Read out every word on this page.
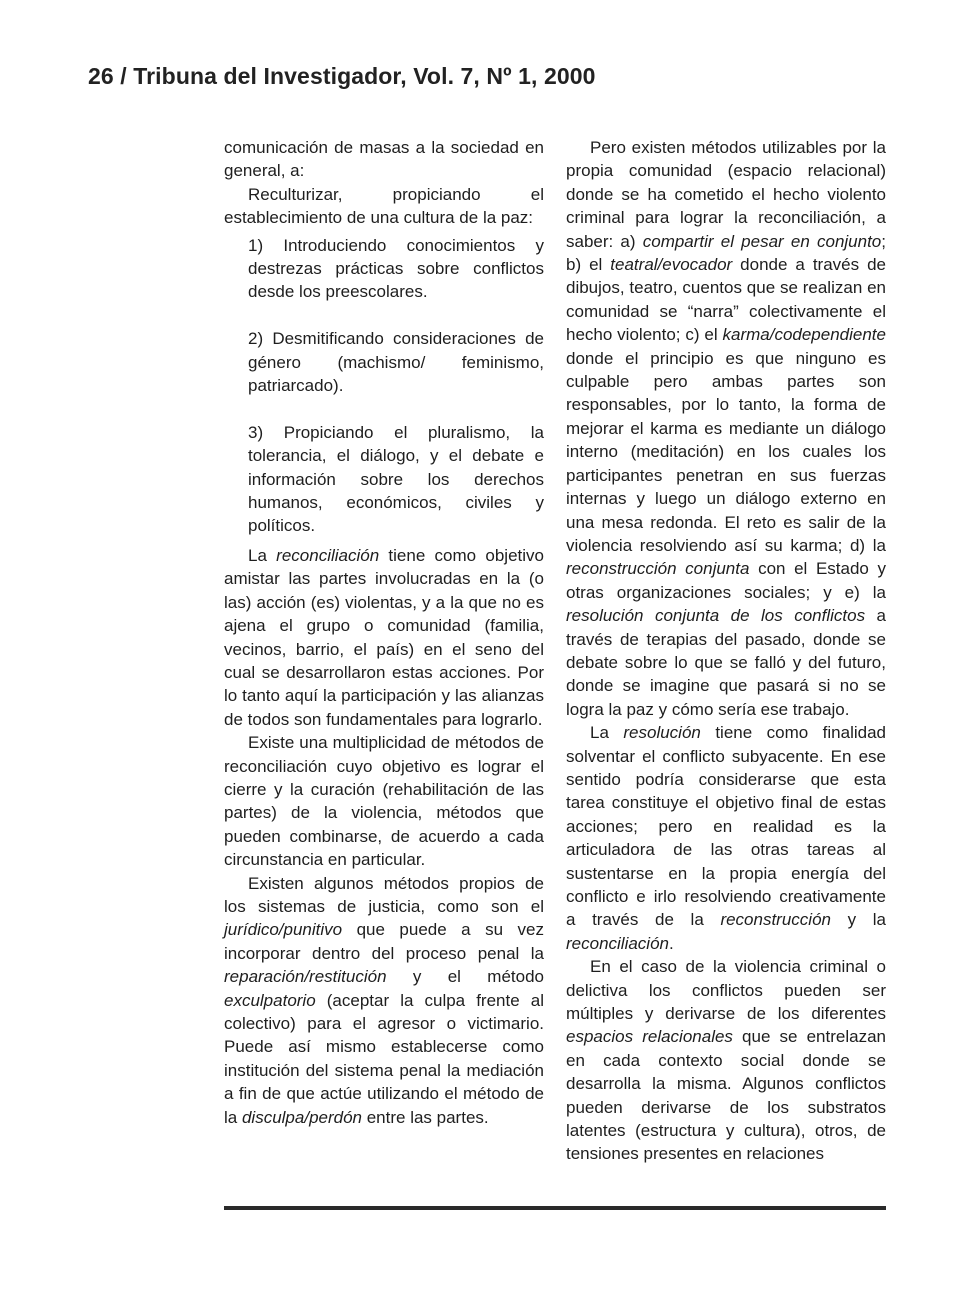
26 / Tribuna del Investigador, Vol. 7, Nº 1, 2000

comunicación de masas a la sociedad en general, a:

Reculturizar, propiciando el establecimiento de una cultura de la paz:

1) Introduciendo conocimientos y destrezas prácticas sobre conflictos desde los preescolares.

2) Desmitificando consideraciones de género (machismo/ feminismo, patriarcado).

3) Propiciando el pluralismo, la tolerancia, el diálogo, y el debate e información sobre los derechos humanos, económicos, civiles y políticos.

La reconciliación tiene como objetivo amistar las partes involucradas en la (o las) acción (es) violentas, y a la que no es ajena el grupo o comunidad (familia, vecinos, barrio, el país) en el seno del cual se desarrollaron estas acciones. Por lo tanto aquí la participación y las alianzas de todos son fundamentales para lograrlo.

Existe una multiplicidad de métodos de reconciliación cuyo objetivo es lograr el cierre y la curación (rehabilitación de las partes) de la violencia, métodos que pueden combinarse, de acuerdo a cada circunstancia en particular.

Existen algunos métodos propios de los sistemas de justicia, como son el jurídico/punitivo que puede a su vez incorporar dentro del proceso penal la reparación/restitución y el método exculpatorio (aceptar la culpa frente al colectivo) para el agresor o victimario. Puede así mismo establecerse como institución del sistema penal la mediación a fin de que actúe utilizando el método de la disculpa/perdón entre las partes.

Pero existen métodos utilizables por la propia comunidad (espacio relacional) donde se ha cometido el hecho violento criminal para lograr la reconciliación, a saber: a) compartir el pesar en conjunto; b) el teatral/evocador donde a través de dibujos, teatro, cuentos que se realizan en comunidad se “narra” colectivamente el hecho violento; c) el karma/codependiente donde el principio es que ninguno es culpable pero ambas partes son responsables, por lo tanto, la forma de mejorar el karma es mediante un diálogo interno (meditación) en los cuales los participantes penetran en sus fuerzas internas y luego un diálogo externo en una mesa redonda. El reto es salir de la violencia resolviendo así su karma; d) la reconstrucción conjunta con el Estado y otras organizaciones sociales; y e) la resolución conjunta de los conflictos a través de terapias del pasado, donde se debate sobre lo que se falló y del futuro, donde se imagine que pasará si no se logra la paz y cómo sería ese trabajo.

La resolución tiene como finalidad solventar el conflicto subyacente. En ese sentido podría considerarse que esta tarea constituye el objetivo final de estas acciones; pero en realidad es la articuladora de las otras tareas al sustentarse en la propia energía del conflicto e irlo resolviendo creativamente a través de la reconstrucción y la reconciliación.

En el caso de la violencia criminal o delictiva los conflictos pueden ser múltiples y derivarse de los diferentes espacios relacionales que se entrelazan en cada contexto social donde se desarrolla la misma. Algunos conflictos pueden derivarse de los substratos latentes (estructura y cultura), otros, de tensiones presentes en relaciones
